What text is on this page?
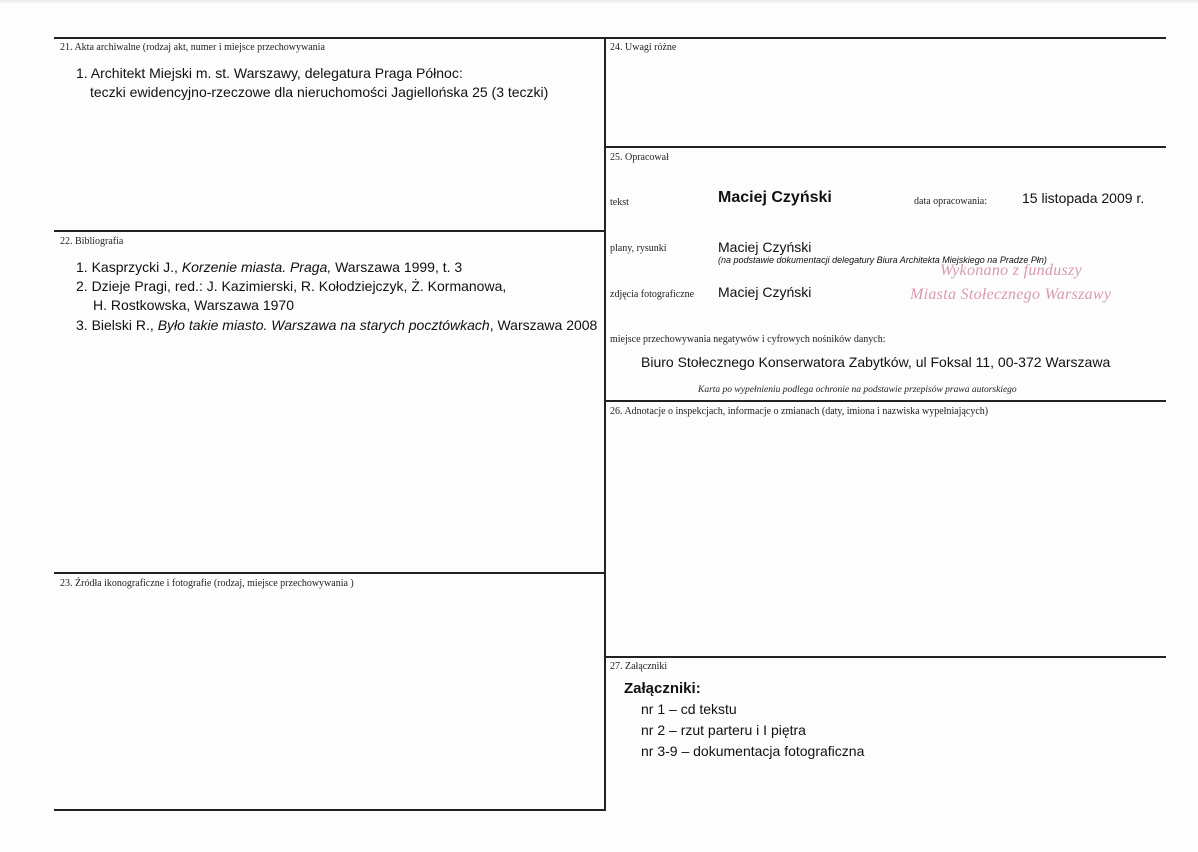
21. Akta archiwalne (rodzaj akt, numer i miejsce przechowywania
1. Architekt Miejski m. st. Warszawy, delegatura Praga Północ:
teczki ewidencyjno-rzeczowe dla nieruchomości Jagiellońska 25 (3 teczki)
22. Bibliografia
1. Kasprzycki J., Korzenie miasta. Praga, Warszawa 1999, t. 3
2. Dzieje Pragi, red.: J. Kazimierski, R. Kołodziejczyk, Ż. Kormanowa,
H. Rostkowska, Warszawa 1970
3. Bielski R., Było takie miasto. Warszawa na starych pocztówkach, Warszawa 2008
23. Źródła ikonograficzne i fotografie (rodzaj, miejsce przechowywania )
24. Uwagi różne
25. Opracował
tekst	Maciej Czyński	data opracowania: 15 listopada 2009 r.
plany, rysunki	Maciej Czyński
(na podstawie dokumentacji delegatury Biura Architekta Miejskiego na Pradze Płn)
Wykonano z funduszy
Miasta Stołecznego Warszawy
zdjęcia fotograficzne Maciej Czyński
miejsce przechowywania negatywów i cyfrowych nośników danych:
Biuro Stołecznego Konserwatora Zabytków, ul Foksal 11, 00-372 Warszawa
Karta po wypełnieniu podlega ochronie na podstawie przepisów prawa autorskiego
26. Adnotacje o inspekcjach, informacje o zmianach (daty, imiona i nazwiska wypełniających)
27. Załączniki
Załączniki:
nr 1 – cd tekstu
nr 2 – rzut parteru i I piętra
nr 3-9 – dokumentacja fotograficzna
